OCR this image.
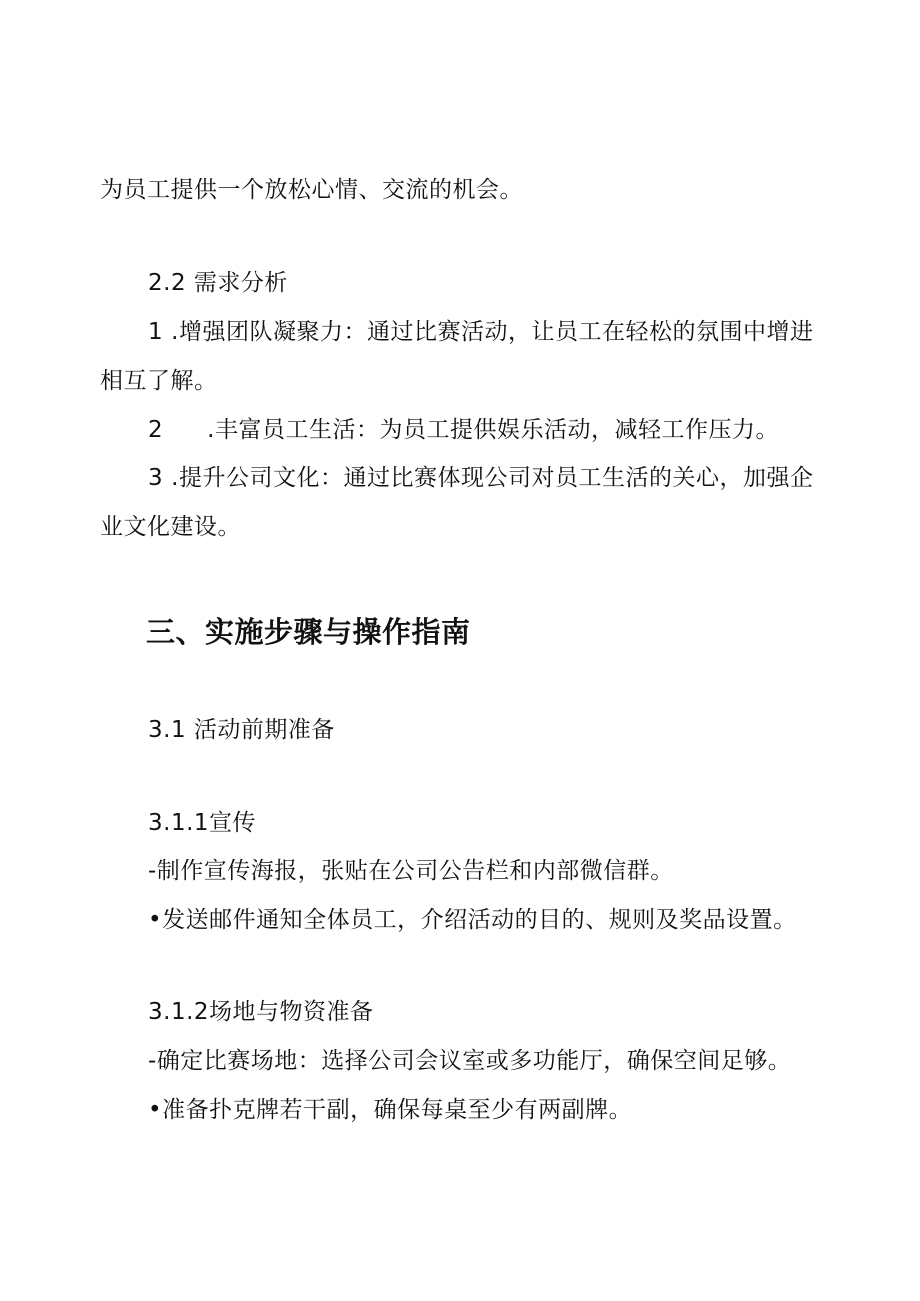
为员工提供一个放松心情、交流的机会。
2.2 需求分析
1 .增强团队凝聚力：通过比赛活动，让员工在轻松的氛围中增进
相互了解。
2 .丰富员工生活：为员工提供娱乐活动，减轻工作压力。
3 .提升公司文化：通过比赛体现公司对员工生活的关心，加强企
业文化建设。
三、实施步骤与操作指南
3.1 活动前期准备
3.1.1宣传
-制作宣传海报，张贴在公司公告栏和内部微信群。
•发送邮件通知全体员工，介绍活动的目的、规则及奖品设置。
3.1.2场地与物资准备
-确定比赛场地：选择公司会议室或多功能厅，确保空间足够。
•准备扑克牌若干副，确保每桌至少有两副牌。
